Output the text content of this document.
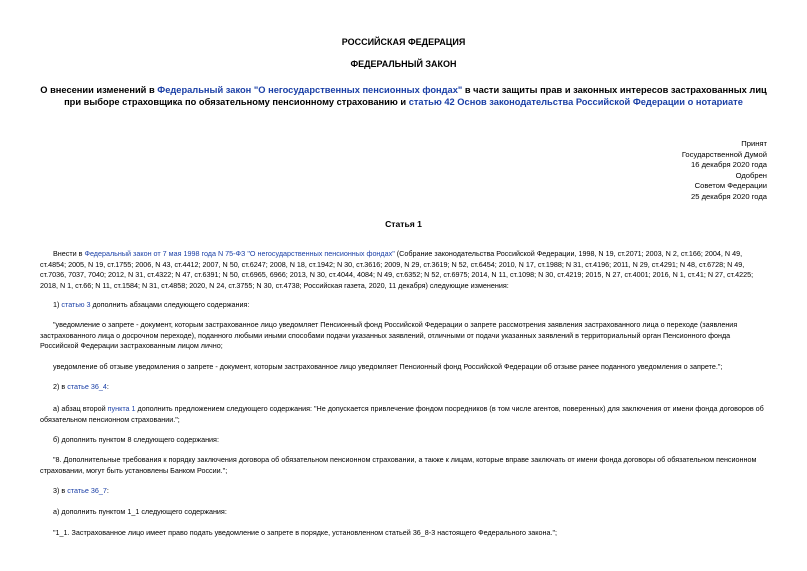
РОССИЙСКАЯ ФЕДЕРАЦИЯ
ФЕДЕРАЛЬНЫЙ ЗАКОН
О внесении изменений в Федеральный закон "О негосударственных пенсионных фондах" в части защиты прав и законных интересов застрахованных лиц при выборе страховщика по обязательному пенсионному страхованию и статью 42 Основ законодательства Российской Федерации о нотариате
Принят
Государственной Думой
16 декабря 2020 года
Одобрен
Советом Федерации
25 декабря 2020 года
Статья 1
Внести в Федеральный закон от 7 мая 1998 года N 75-ФЗ "О негосударственных пенсионных фондах" (Собрание законодательства Российской Федерации, 1998, N 19, ст.2071; 2003, N 2, ст.166; 2004, N 49, ст.4854; 2005, N 19, ст.1755; 2006, N 43, ст.4412; 2007, N 50, ст.6247; 2008, N 18, ст.1942; N 30, ст.3616; 2009, N 29, ст.3619; N 52, ст.6454; 2010, N 17, ст.1988; N 31, ст.4196; 2011, N 29, ст.4291; N 48, ст.6728; N 49, ст.7036, 7037, 7040; 2012, N 31, ст.4322; N 47, ст.6391; N 50, ст.6965, 6966; 2013, N 30, ст.4044, 4084; N 49, ст.6352; N 52, ст.6975; 2014, N 11, ст.1098; N 30, ст.4219; 2015, N 27, ст.4001; 2016, N 1, ст.41; N 27, ст.4225; 2018, N 1, ст.66; N 11, ст.1584; N 31, ст.4858; 2020, N 24, ст.3755; N 30, ст.4738; Российская газета, 2020, 11 декабря) следующие изменения:
1) статью 3 дополнить абзацами следующего содержания:
"уведомление о запрете - документ, которым застрахованное лицо уведомляет Пенсионный фонд Российской Федерации о запрете рассмотрения заявления застрахованного лица о переходе (заявления застрахованного лица о досрочном переходе), поданного любыми иными способами подачи указанных заявлений, отличными от подачи указанных заявлений в территориальный орган Пенсионного фонда Российской Федерации застрахованным лицом лично;
уведомление об отзыве уведомления о запрете - документ, которым застрахованное лицо уведомляет Пенсионный фонд Российской Федерации об отзыве ранее поданного уведомления о запрете.";
2) в статье 36_4:
а) абзац второй пункта 1 дополнить предложением следующего содержания: "Не допускается привлечение фондом посредников (в том числе агентов, поверенных) для заключения от имени фонда договоров об обязательном пенсионном страховании.";
б) дополнить пунктом 8 следующего содержания:
"8. Дополнительные требования к порядку заключения договора об обязательном пенсионном страховании, а также к лицам, которые вправе заключать от имени фонда договоры об обязательном пенсионном страховании, могут быть установлены Банком России.";
3) в статье 36_7:
а) дополнить пунктом 1_1 следующего содержания:
"1_1. Застрахованное лицо имеет право подать уведомление о запрете в порядке, установленном статьей 36_8-3 настоящего Федерального закона.";
